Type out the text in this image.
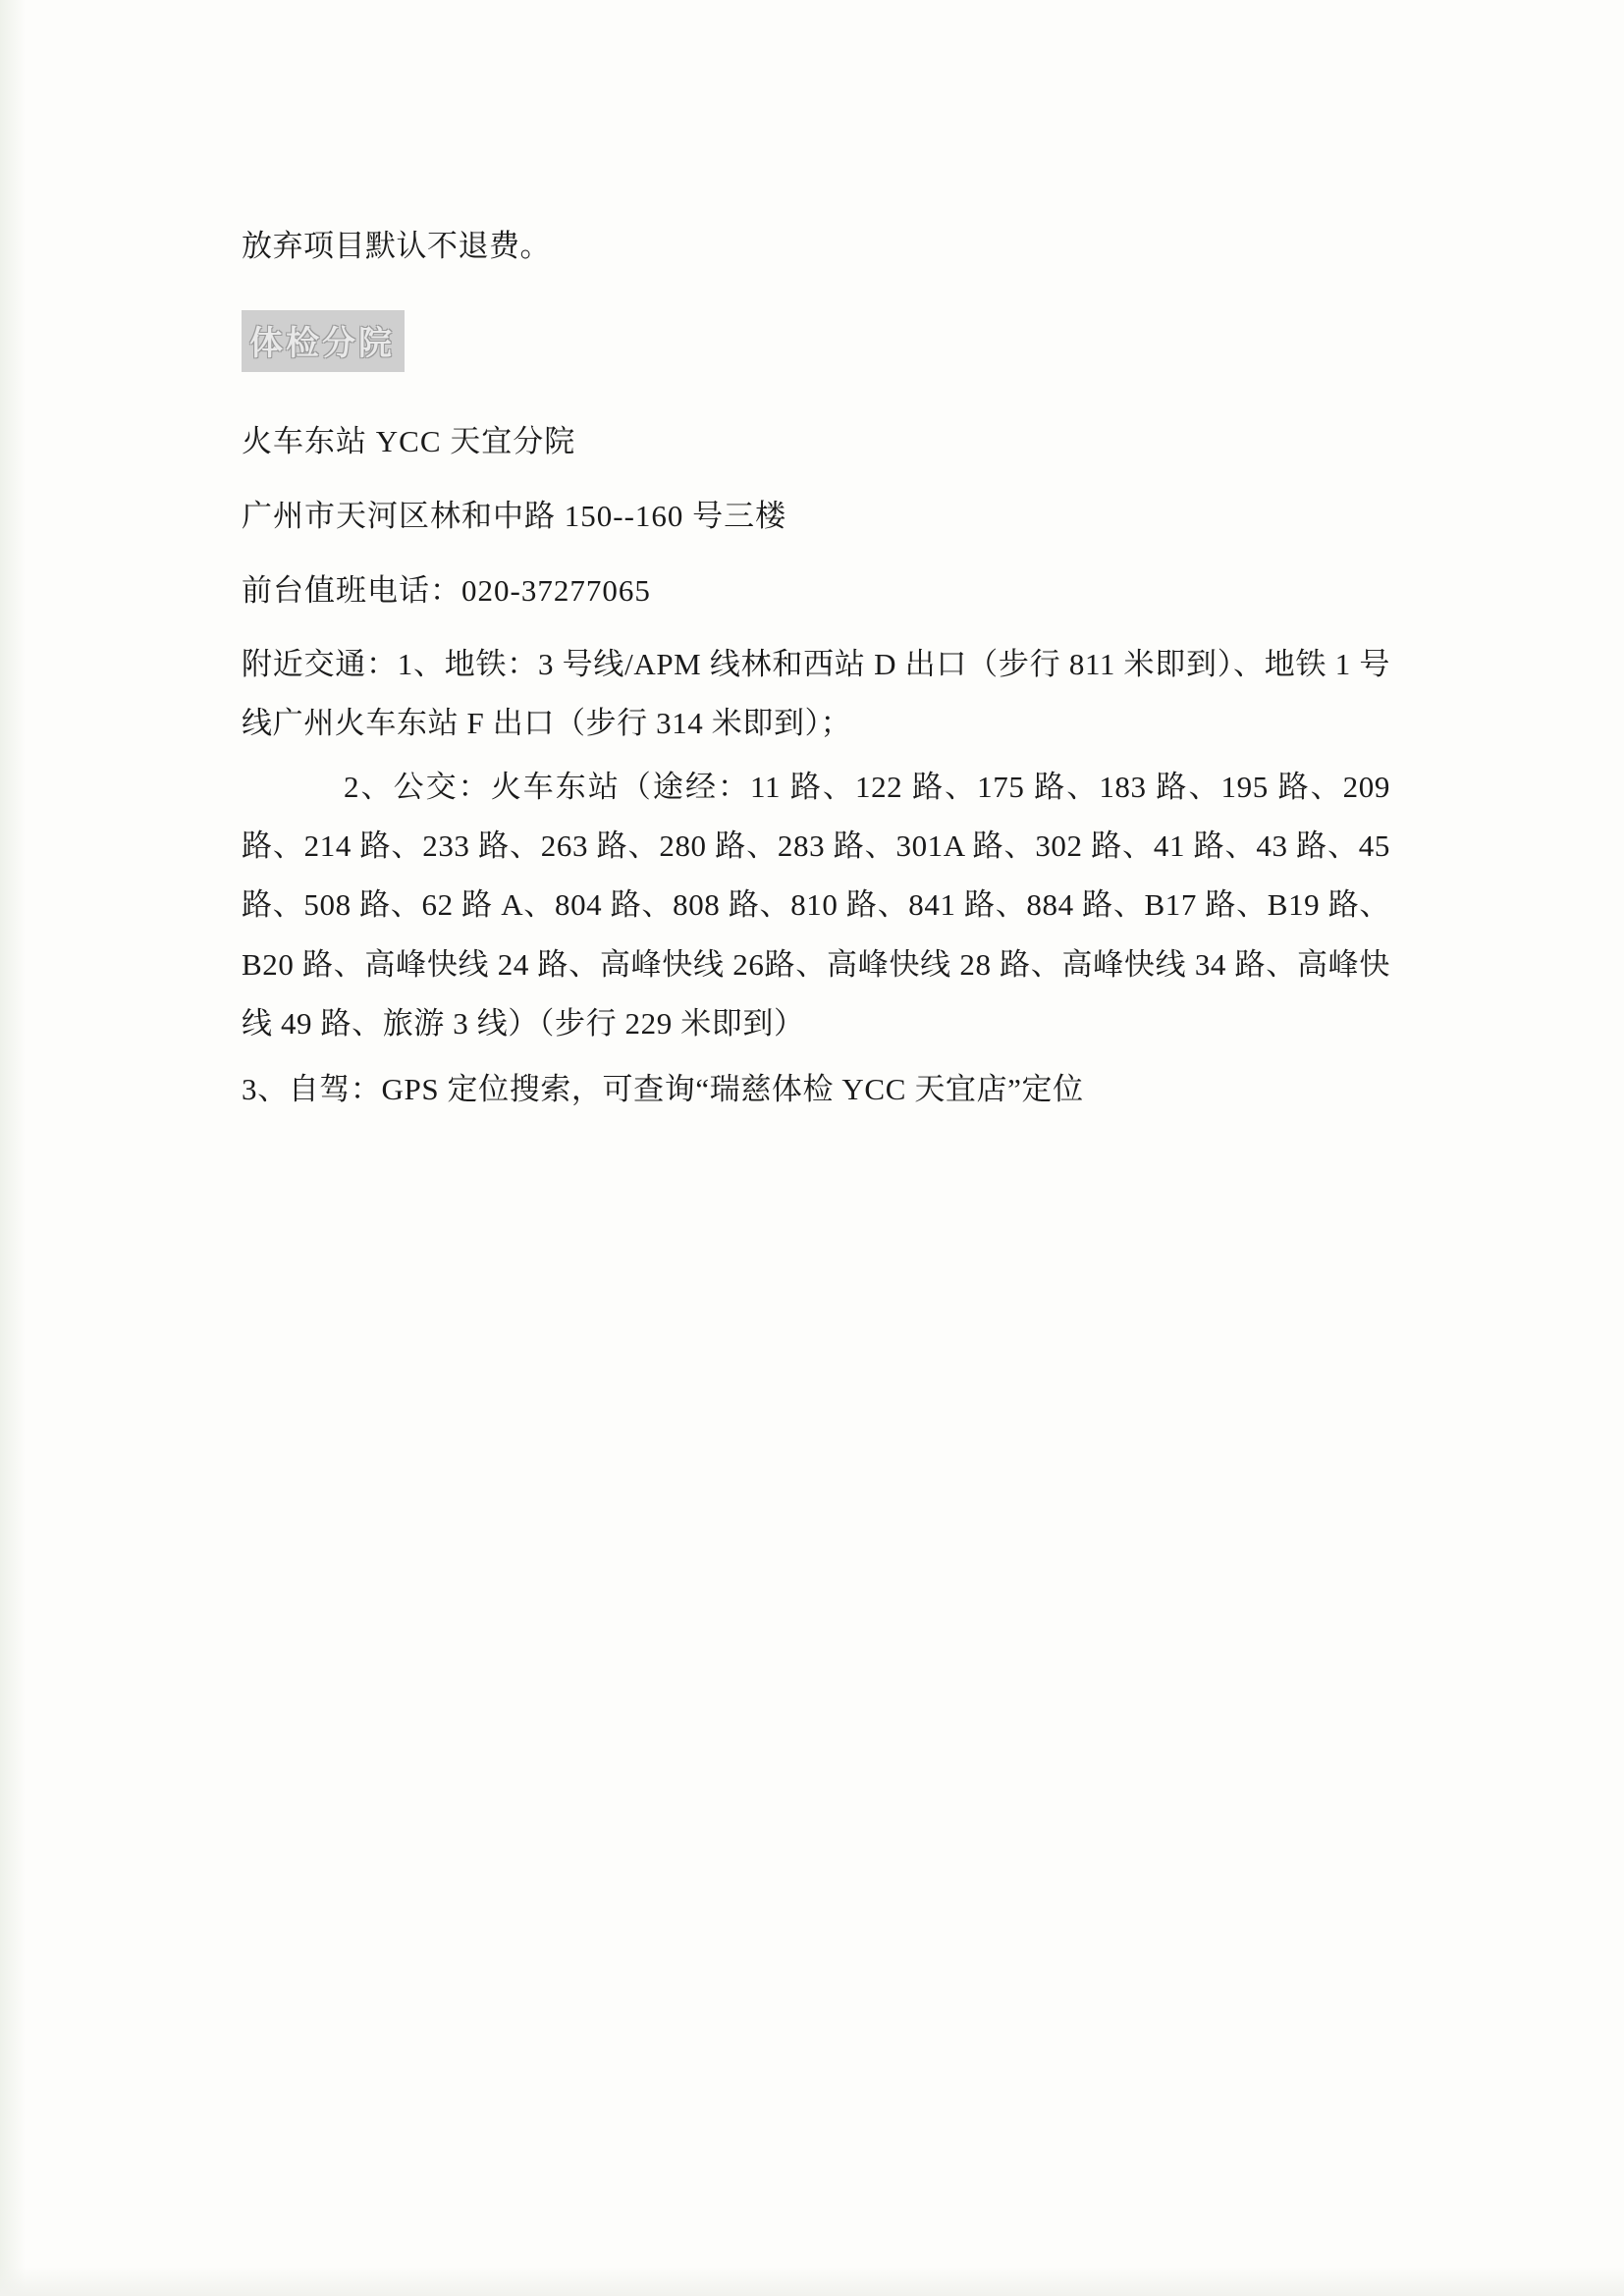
放弃项目默认不退费。

体检分院

火车东站 YCC 天宜分院

广州市天河区林和中路 150--160 号三楼

前台值班电话：020-37277065

附近交通：1、地铁：3 号线/APM 线林和西站 D 出口（步行 811 米即到）、地铁 1 号线广州火车东站 F 出口（步行 314 米即到）；

2、公交：火车东站（途经：11 路、122 路、175 路、183 路、195 路、209 路、214 路、233 路、263 路、280 路、283 路、301A 路、302 路、41 路、43 路、45 路、508 路、62 路 A、804 路、808 路、810 路、841 路、884 路、B17 路、B19 路、B20 路、高峰快线 24 路、高峰快线 26路、高峰快线 28 路、高峰快线 34 路、高峰快线 49 路、旅游 3 线）（步行 229 米即到）

3、自驾：GPS 定位搜索，可查询“瑞慈体检 YCC 天宜店”定位
